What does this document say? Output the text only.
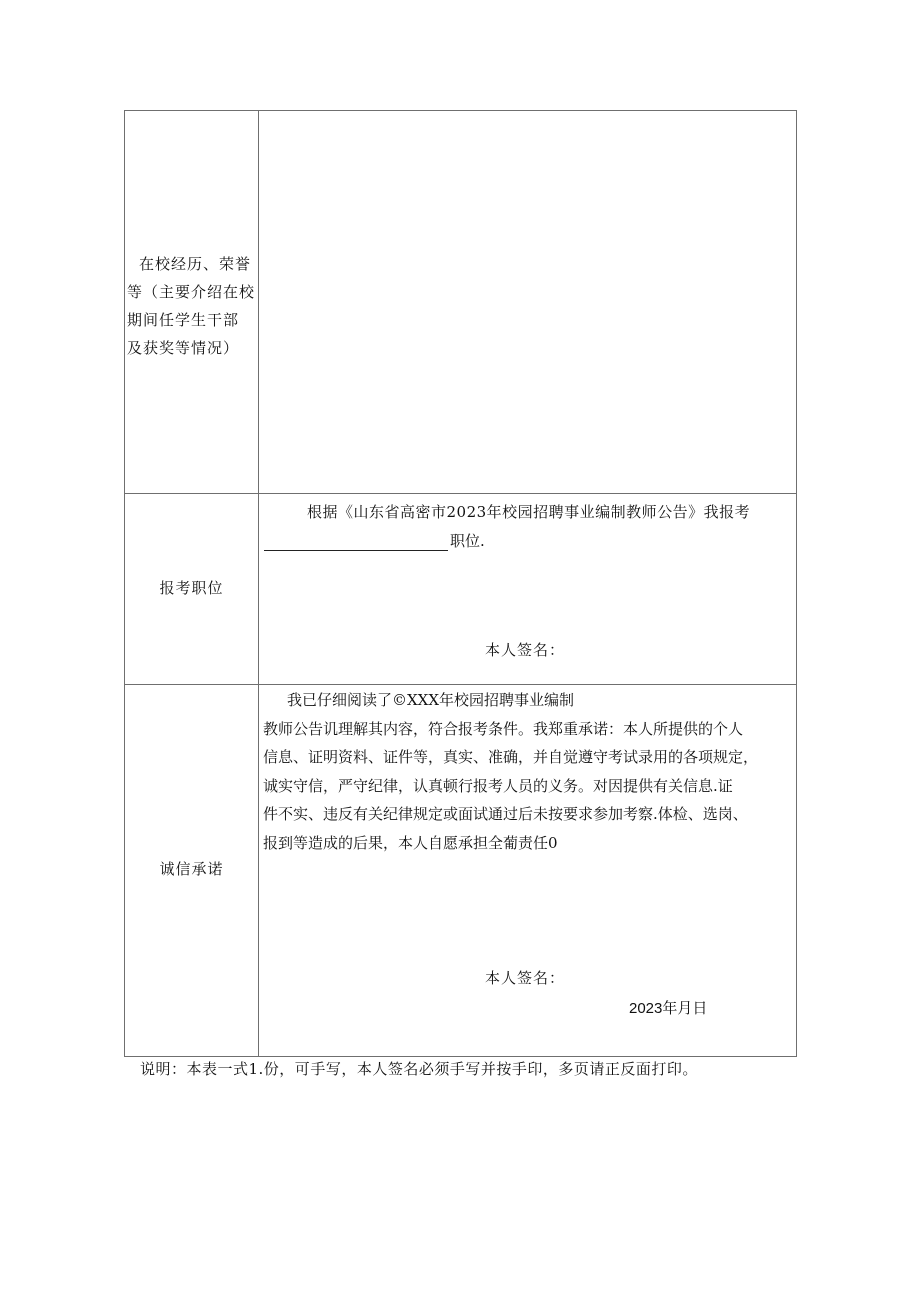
在校经历、荣誉
等（主要介绍在校
期间任学生干部
及获奖等情况）	

报考职位	根据《山东省高密市2023年校园招聘事业编制教师公告》我报考
职位.
本人签名：

诚信承诺

我已仔细阅读了©XXX年校园招聘事业编制
教师公告讥理解其内容，符合报考条件。我郑重承诺：本人所提供的个人
信息、证明资料、证件等，真实、准确，并自觉遵守考试录用的各项规定，
诚实守信，严守纪律，认真顿行报考人员的义务。对因提供有关信息.证
件不实、违反有关纪律规定或面试通过后未按要求参加考察.体检、选岗、
报到等造成的后果，本人自愿承担全葡责任0
本人签名：
2023年月日
说明：本表一式1.份，可手写，本人签名必须手写并按手印，多页请正反面打印。
